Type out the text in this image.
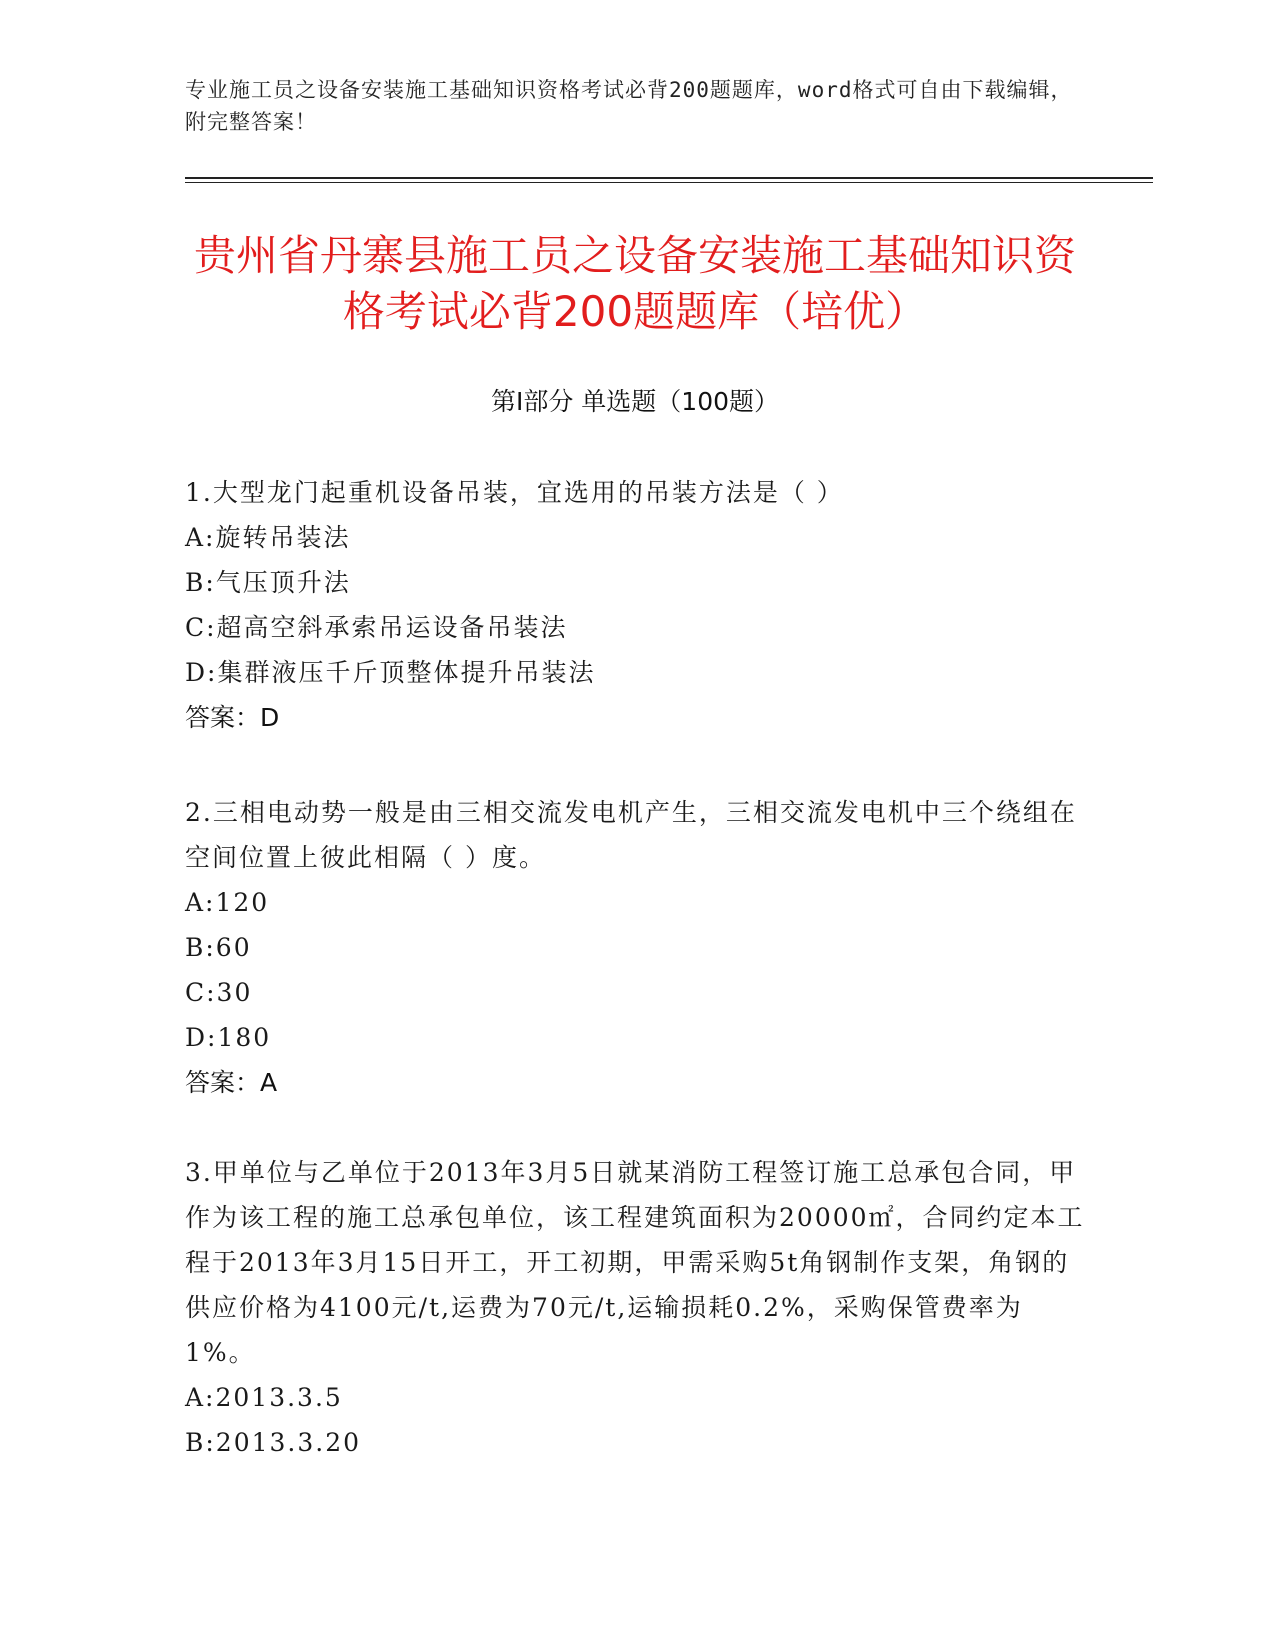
专业施工员之设备安装施工基础知识资格考试必背200题题库，word格式可自由下载编辑，附完整答案！
贵州省丹寨县施工员之设备安装施工基础知识资格考试必背200题题库（培优）
第Ⅰ部分 单选题（100题）

1.大型龙门起重机设备吊装，宜选用的吊装方法是（ ）

A:旋转吊装法

B:气压顶升法

C:超高空斜承索吊运设备吊装法

D:集群液压千斤顶整体提升吊装法

答案：D

2.三相电动势一般是由三相交流发电机产生，三相交流发电机中三个绕组在空间位置上彼此相隔（ ）度。

A:120

B:60

C:30

D:180

答案：A

3.甲单位与乙单位于2013年3月5日就某消防工程签订施工总承包合同，甲作为该工程的施工总承包单位，该工程建筑面积为20000㎡，合同约定本工程于2013年3月15日开工，开工初期，甲需采购5t角钢制作支架，角钢的供应价格为4100元/t,运费为70元/t,运输损耗0.2%，采购保管费率为1%。

A:2013.3.5

B:2013.3.20
